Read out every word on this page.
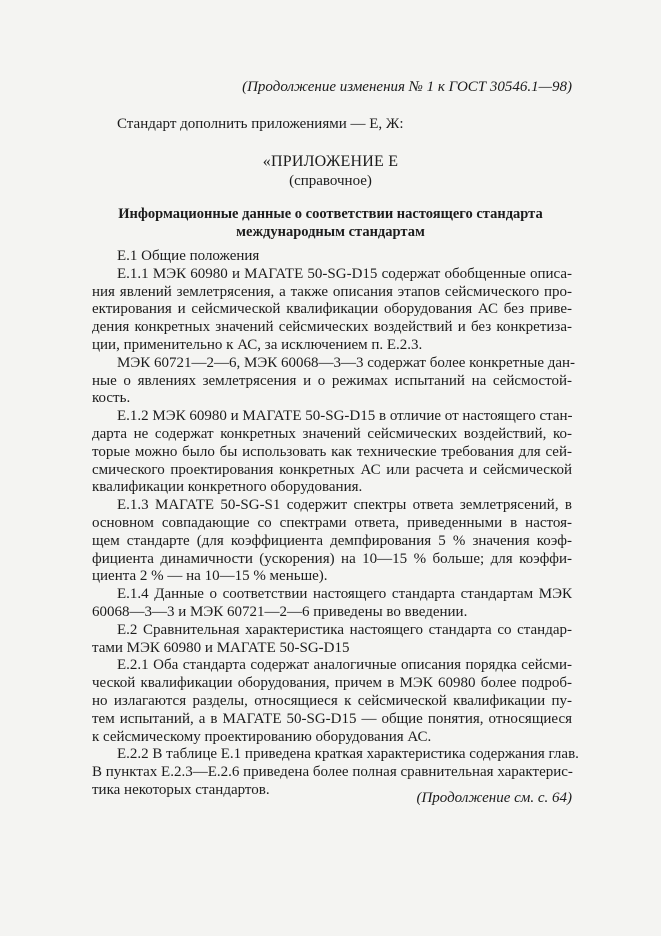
(Продолжение изменения № 1 к ГОСТ 30546.1—98)
Стандарт дополнить приложениями — Е, Ж:
«ПРИЛОЖЕНИЕ Е
(справочное)
Информационные данные о соответствии настоящего стандарта
международным стандартам
Е.1 Общие положения
Е.1.1 МЭК 60980 и МАГАТЕ 50-SG-D15 содержат обобщенные описа-
ния явлений землетрясения, а также описания этапов сейсмического про-
ектирования и сейсмической квалификации оборудования АС без приве-
дения конкретных значений сейсмических воздействий и без конкретиза-
ции, применительно к АС, за исключением п. Е.2.3.
МЭК 60721—2—6, МЭК 60068—3—3 содержат более конкретные дан-
ные о явлениях землетрясения и о режимах испытаний на сейсмостой-
кость.
Е.1.2 МЭК 60980 и МАГАТЕ 50-SG-D15 в отличие от настоящего стан-
дарта не содержат конкретных значений сейсмических воздействий, ко-
торые можно было бы использовать как технические требования для сей-
смического проектирования конкретных АС или расчета и сейсмической
квалификации конкретного оборудования.
Е.1.3 МАГАТЕ 50-SG-S1 содержит спектры ответа землетрясений, в
основном совпадающие со спектрами ответа, приведенными в настоя-
щем стандарте (для коэффициента демпфирования 5 % значения коэф-
фициента динамичности (ускорения) на 10—15 % больше; для коэффи-
циента 2 % — на 10—15 % меньше).
Е.1.4 Данные о соответствии настоящего стандарта стандартам МЭК
60068—3—3 и МЭК 60721—2—6 приведены во введении.
Е.2 Сравнительная характеристика настоящего стандарта со стандар-
тами МЭК 60980 и МАГАТЕ 50-SG-D15
Е.2.1 Оба стандарта содержат аналогичные описания порядка сейсми-
ческой квалификации оборудования, причем в МЭК 60980 более подроб-
но излагаются разделы, относящиеся к сейсмической квалификации пу-
тем испытаний, а в МАГАТЕ 50-SG-D15 — общие понятия, относящиеся
к сейсмическому проектированию оборудования АС.
Е.2.2 В таблице Е.1 приведена краткая характеристика содержания глав.
В пунктах Е.2.3—Е.2.6 приведена более полная сравнительная характерис-
тика некоторых стандартов.
(Продолжение см. с. 64)
